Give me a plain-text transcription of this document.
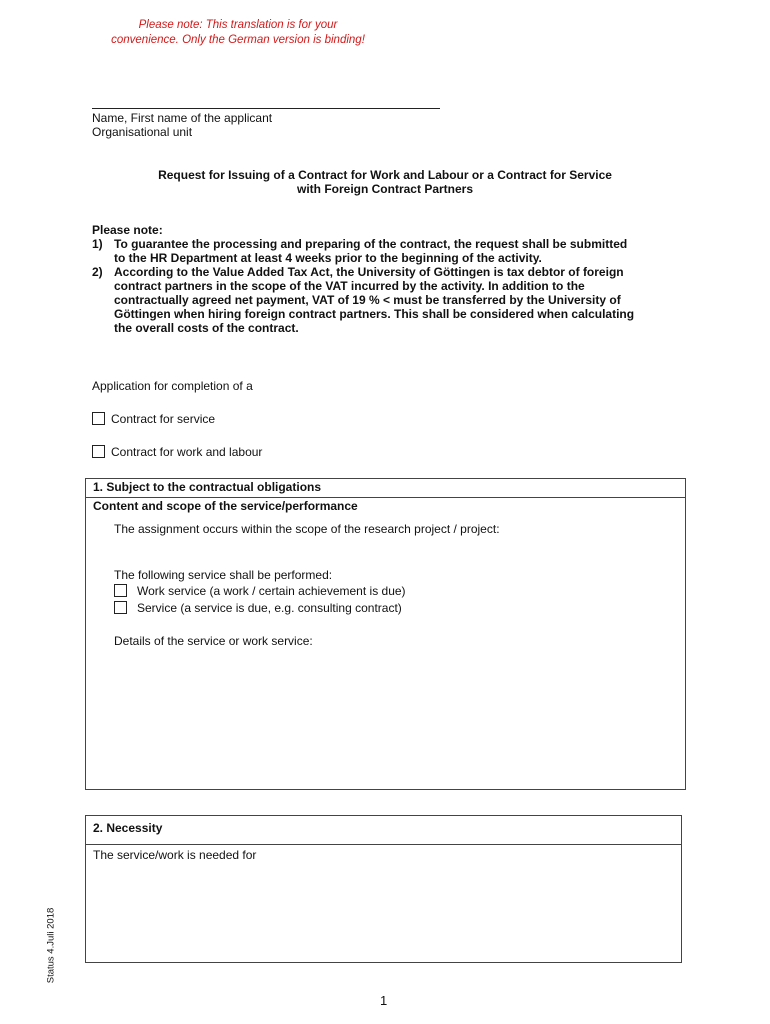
Please note: This translation is for your
convenience. Only the German version is binding!
Name, First name of the applicant
Organisational unit
Request for Issuing of a Contract for Work and Labour or a Contract for Service
with Foreign Contract Partners
Please note:
1) To guarantee the processing and preparing of the contract, the request shall be submitted
to the HR Department at least 4 weeks prior to the beginning of the activity.
2) According to the Value Added Tax Act, the University of Göttingen is tax debtor of foreign
contract partners in the scope of the VAT incurred by the activity. In addition to the
contractually agreed net payment, VAT of 19 % < must be transferred by the University of
Göttingen when hiring foreign contract partners. This shall be considered when calculating
the overall costs of the contract.
Application for completion of a
Contract for service
Contract for work and labour
1. Subject to the contractual obligations
Content and scope of the service/performance
The assignment occurs within the scope of the research project / project:
The following service shall be performed:
Work service (a work / certain achievement is due)
Service (a service is due, e.g. consulting contract)
Details of the service or work service:
2. Necessity
The service/work is needed for
Status 4.Juli 2018
1
